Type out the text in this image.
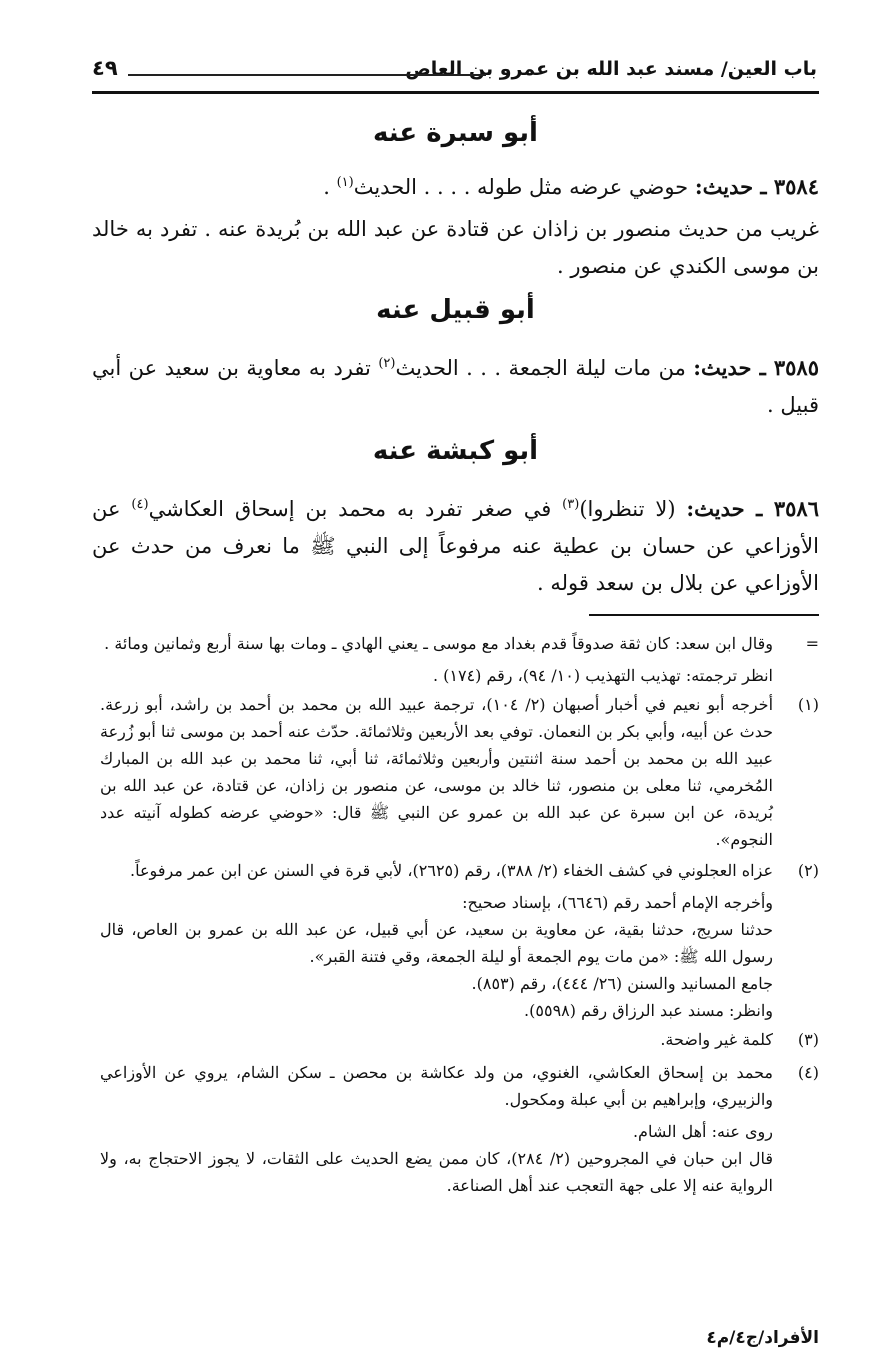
باب العين/ مسند عبد الله بن عمرو بن العاص
٤٩
أبو سبرة عنه

٣٥٨٤ ـ حديث: حوضي عرضه مثل طوله . . . . الحديث$^{(١)}$ .

غريب من حديث منصور بن زاذان عن قتادة عن عبد الله بن بُريدة عنه . تفرد به خالد بن موسى الكندي عن منصور .

أبو قبيل عنه

٣٥٨٥ ـ حديث: من مات ليلة الجمعة . . . الحديث$^{(٢)}$ تفرد به معاوية بن سعيد عن أبي قبيل .

أبو كبشة عنه

٣٥٨٦ ـ حديث: (لا تنظروا)$^{(٣)}$ في صغر تفرد به محمد بن إسحاق العكاشي$^{(٤)}$ عن الأوزاعي عن حسان بن عطية عنه مرفوعاً إلى النبي ﷺ ما نعرف من حدث عن الأوزاعي عن بلال بن سعد قوله .

=

وقال ابن سعد: كان ثقة صدوقاً قدم بغداد مع موسى ـ يعني الهادي ـ ومات بها سنة أربع وثمانين ومائة .

انظر ترجمته: تهذيب التهذيب (١٠/ ٩٤)، رقم (١٧٤) .

(١)

أخرجه أبو نعيم في أخبار أصبهان (٢/ ١٠٤)، ترجمة عبيد الله بن محمد بن أحمد بن راشد، أبو زرعة. حدث عن أبيه، وأبي بكر بن النعمان. توفي بعد الأربعين وثلاثمائة. حدّث عنه أحمد بن موسى ثنا أبو زُرعة عبيد الله بن محمد بن أحمد سنة اثنتين وأربعين وثلاثمائة، ثنا أبي، ثنا محمد بن عبد الله بن المبارك المُخرمي، ثنا معلى بن منصور، ثنا خالد بن موسى، عن منصور بن زاذان، عن قتادة، عن عبد الله بن بُريدة، عن ابن سبرة عن عبد الله بن عمرو عن النبي ﷺ قال: «حوضي عرضه كطوله آنيته عدد النجوم».

(٢)

عزاه العجلوني في كشف الخفاء (٢/ ٣٨٨)، رقم (٢٦٢٥)، لأبي قرة في السنن عن ابن عمر مرفوعاً.

وأخرجه الإمام أحمد رقم (٦٦٤٦)، بإسناد صحيح:

حدثنا سريج، حدثنا بقية، عن معاوية بن سعيد، عن أبي قبيل، عن عبد الله بن عمرو بن العاص، قال رسول الله ﷺ: «من مات يوم الجمعة أو ليلة الجمعة، وقي فتنة القبر».

جامع المسانيد والسنن (٢٦/ ٤٤٤)، رقم (٨٥٣).

وانظر: مسند عبد الرزاق رقم (٥٥٩٨).

(٣)

كلمة غير واضحة.

(٤)

محمد بن إسحاق العكاشي، الغنوي، من ولد عكاشة بن محصن ـ سكن الشام، يروي عن الأوزاعي والزبيري، وإبراهيم بن أبي عبلة ومكحول.

روى عنه: أهل الشام.

قال ابن حبان في المجروحين (٢/ ٢٨٤)، كان ممن يضع الحديث على الثقات، لا يجوز الاحتجاج به، ولا الرواية عنه إلا على جهة التعجب عند أهل الصناعة.

الأفراد/ج٤/م٤
